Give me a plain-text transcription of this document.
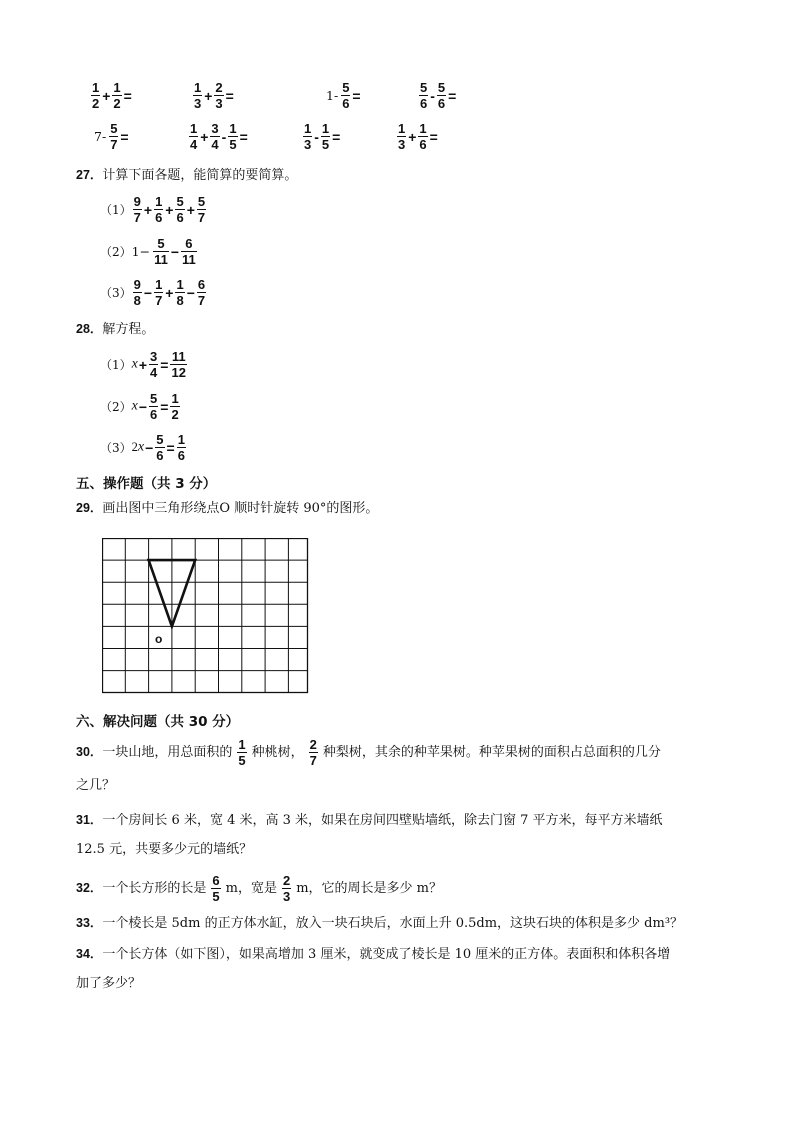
$\frac{1}{2} + \frac{1}{2}$ =	$\frac{1}{3} + \frac{2}{3}$ =	$1- \frac{5}{6}$ =	$\frac{5}{6} - \frac{5}{6}$ =
$7- \frac{5}{7}$ =	$\frac{1}{4} + \frac{3}{4} - \frac{1}{5}$ =	$\frac{1}{3} - \frac{1}{5}$ =	$\frac{1}{3} + \frac{1}{6}$ =
27．计算下面各题，能简算的要简算。
$(1) \frac{9}{7} + \frac{1}{6} + \frac{5}{6} + \frac{5}{7}$
$(2)1- \frac{5}{11} - \frac{6}{11}$
$(3) \frac{9}{8} - \frac{1}{7} + \frac{1}{8} - \frac{6}{7}$
28．解方程。
$(1)x+ \frac{3}{4} = \frac{11}{12}$
$(2)x- \frac{5}{6} = \frac{1}{2}$
$(3)2x- \frac{5}{6} = \frac{1}{6}$
五、操作题（共 3 分）
29．画出图中三角形绕点O 顺时针旋转 90°的图形。
o
六、解决问题（共 30 分）
30．一块山地，用总面积的 $\frac{1}{5}$ 种桃树， $\frac{2}{7}$ 种梨树，其余的种苹果树。种苹果树的面积占总面积的几分
之几？
31．一个房间长 6 米，宽 4 米，高 3 米，如果在房间四壁贴墙纸，除去门窗 7 平方米，每平方米墙纸
12.5 元，共要多少元的墙纸？
32．一个长方形的长是 $\frac{6}{5}$ m，宽是 $\frac{2}{3}$ m，它的周长是多少 m？
33．一个棱长是 5dm 的正方体水缸，放入一块石块后，水面上升 0.5dm，这块石块的体积是多少 dm³？
34．一个长方体（如下图），如果高增加 3 厘米，就变成了棱长是 10 厘米的正方体。表面积和体积各增
加了多少？
